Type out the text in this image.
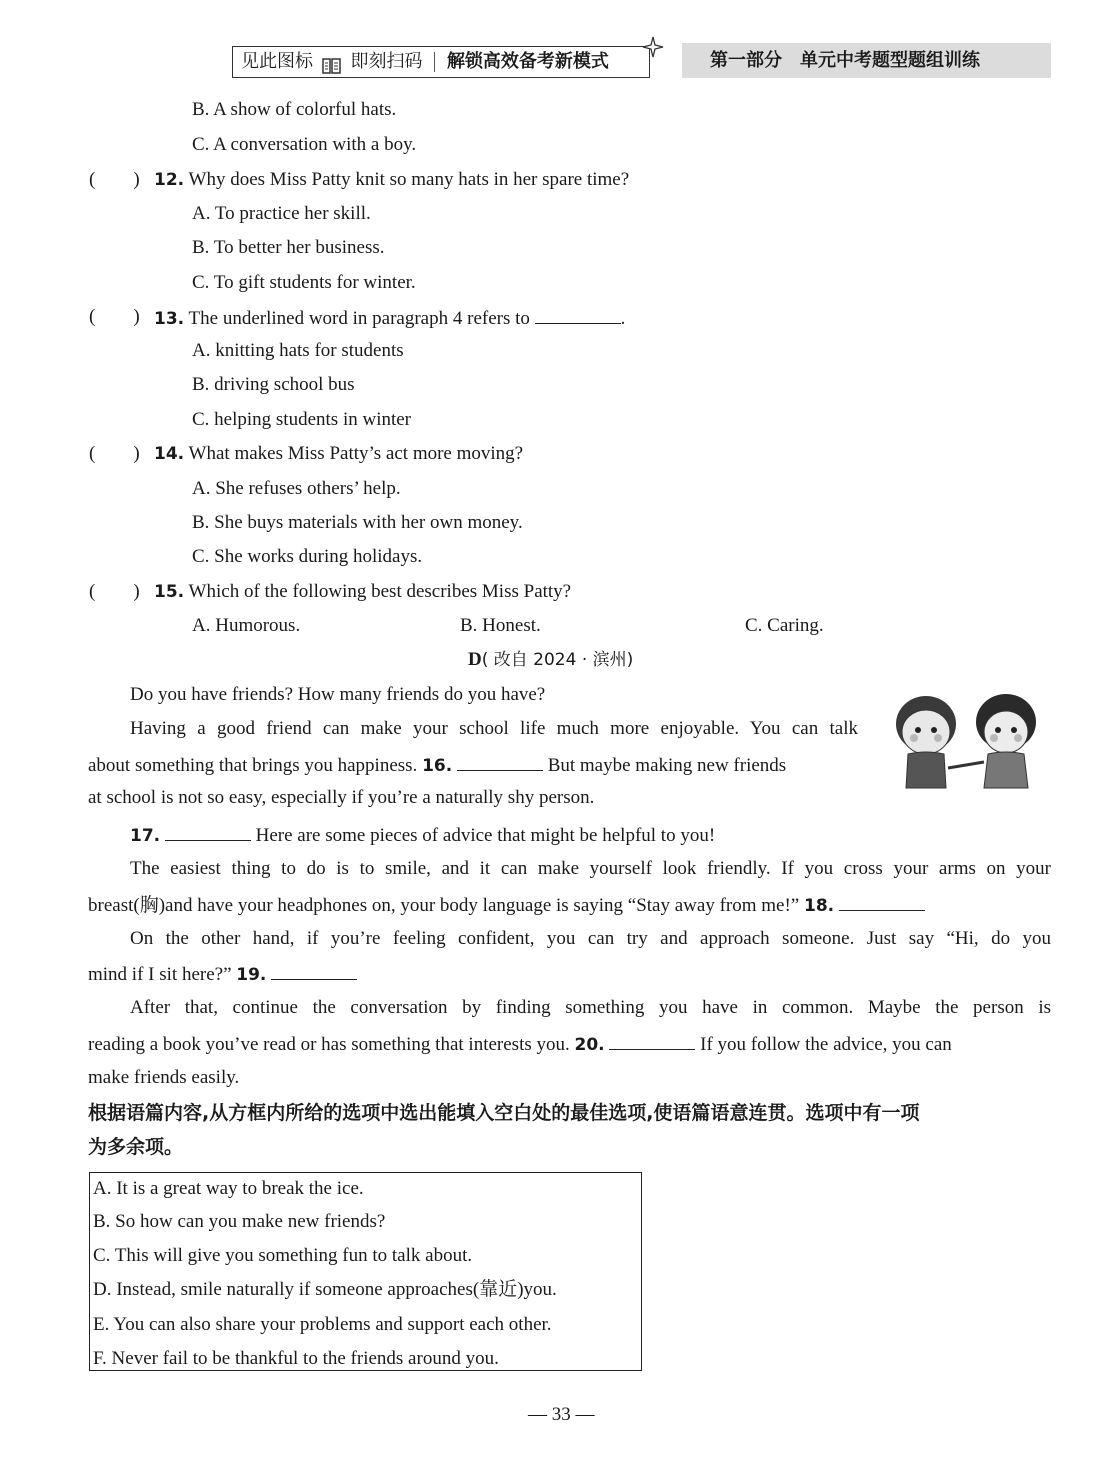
见此图标 即刻扫码 解锁高效备考新模式	第一部分　单元中考题型题组训练
B. A show of colorful hats.
C. A conversation with a boy.
(　　) 12. Why does Miss Patty knit so many hats in her spare time?
A. To practice her skill.
B. To better her business.
C. To gift students for winter.
(　　) 13. The underlined word in paragraph 4 refers to	.
A. knitting hats for students
B. driving school bus
C. helping students in winter
(　　) 14. What makes Miss Patty’s act more moving?
A. She refuses others’ help.
B. She buys materials with her own money.
C. She works during holidays.
(　　) 15. Which of the following best describes Miss Patty?
A. Humorous.	B. Honest.	C. Caring.
D( 改自 2024 · 滨州)
Do you have friends? How many friends do you have?
Having a good friend can make your school life much more enjoyable. You can talk
about something that brings you happiness. 16.	But maybe making new friends
at school is not so easy, especially if you’re a naturally shy person.
17.	Here are some pieces of advice that might be helpful to you!
The easiest thing to do is to smile, and it can make yourself look friendly. If you cross your arms on your
breast(胸)and have your headphones on, your body language is saying “Stay away from me!” 18.
On the other hand, if you’re feeling confident, you can try and approach someone. Just say “Hi, do you
mind if I sit here?” 19.
After that, continue the conversation by finding something you have in common. Maybe the person is
reading a book you’ve read or has something that interests you. 20.	If you follow the advice, you can
make friends easily.
根据语篇内容,从方框内所给的选项中选出能填入空白处的最佳选项,使语篇语意连贯。选项中有一项
为多余项。
A. It is a great way to break the ice.
B. So how can you make new friends?
C. This will give you something fun to talk about.
D. Instead, smile naturally if someone approaches(靠近)you.
E. You can also share your problems and support each other.
F. Never fail to be thankful to the friends around you.
— 33 —
